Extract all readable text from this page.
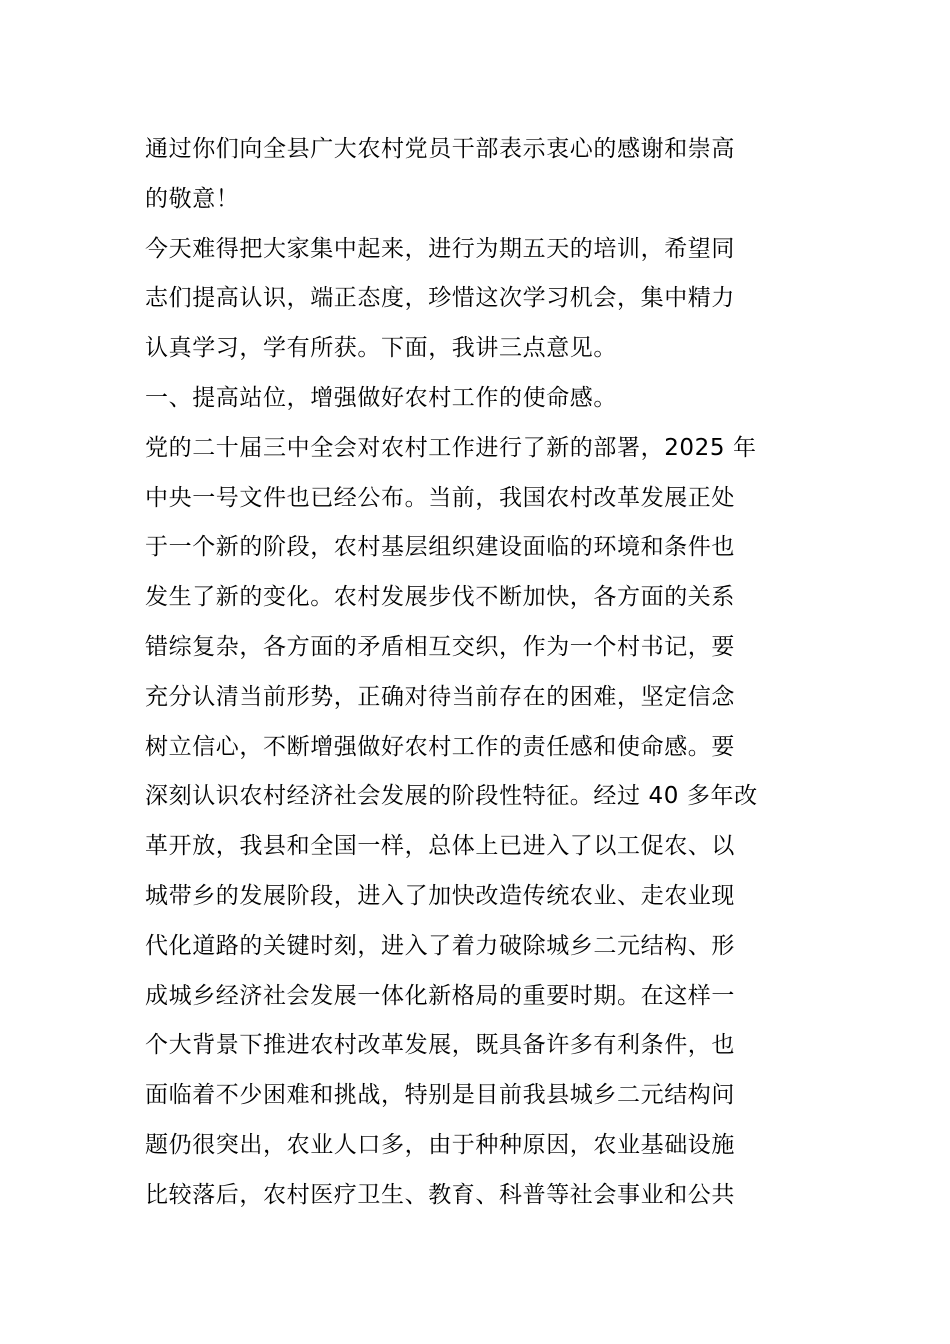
通过你们向全县广大农村党员干部表示衷心的感谢和崇高
的敬意！
今天难得把大家集中起来，进行为期五天的培训，希望同
志们提高认识，端正态度，珍惜这次学习机会，集中精力
认真学习，学有所获。下面，我讲三点意见。
一、提高站位，增强做好农村工作的使命感。
党的二十届三中全会对农村工作进行了新的部署，2025 年
中央一号文件也已经公布。当前，我国农村改革发展正处
于一个新的阶段，农村基层组织建设面临的环境和条件也
发生了新的变化。农村发展步伐不断加快，各方面的关系
错综复杂，各方面的矛盾相互交织，作为一个村书记，要
充分认清当前形势，正确对待当前存在的困难，坚定信念
树立信心，不断增强做好农村工作的责任感和使命感。要
深刻认识农村经济社会发展的阶段性特征。经过 40 多年改
革开放，我县和全国一样，总体上已进入了以工促农、以
城带乡的发展阶段，进入了加快改造传统农业、走农业现
代化道路的关键时刻，进入了着力破除城乡二元结构、形
成城乡经济社会发展一体化新格局的重要时期。在这样一
个大背景下推进农村改革发展，既具备许多有利条件，也
面临着不少困难和挑战，特别是目前我县城乡二元结构问
题仍很突出，农业人口多，由于种种原因，农业基础设施
比较落后，农村医疗卫生、教育、科普等社会事业和公共
